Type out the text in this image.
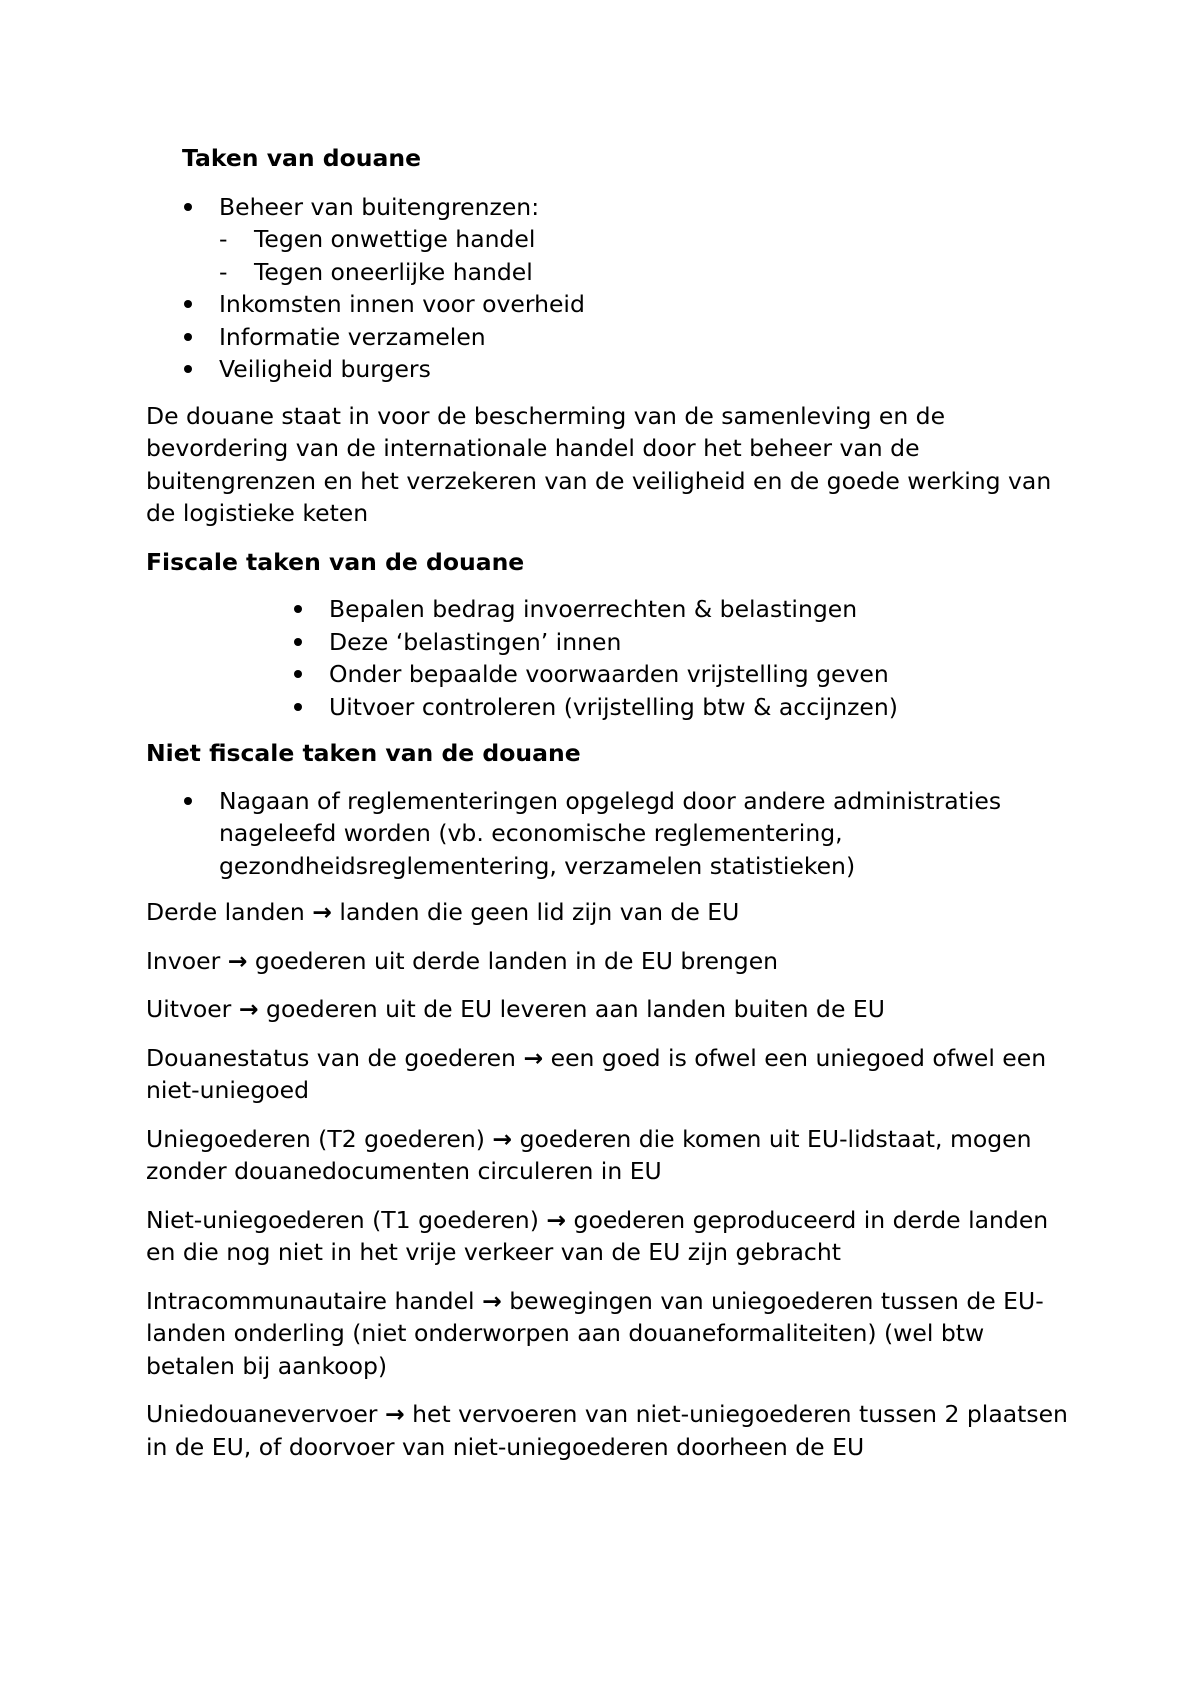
Taken van douane

Beheer van buitengrenzen:
- Tegen onwettige handel
- Tegen oneerlijke handel
Inkomsten innen voor overheid
Informatie verzamelen
Veiligheid burgers

De douane staat in voor de bescherming van de samenleving en de bevordering van de internationale handel door het beheer van de buitengrenzen en het verzekeren van de veiligheid en de goede werking van de logistieke keten

Fiscale taken van de douane

Bepalen bedrag invoerrechten & belastingen
Deze ‘belastingen’ innen
Onder bepaalde voorwaarden vrijstelling geven
Uitvoer controleren (vrijstelling btw & accijnzen)

Niet fiscale taken van de douane

Nagaan of reglementeringen opgelegd door andere administraties nageleefd worden (vb. economische reglementering, gezondheidsreglementering, verzamelen statistieken)

Derde landen → landen die geen lid zijn van de EU

Invoer → goederen uit derde landen in de EU brengen

Uitvoer → goederen uit de EU leveren aan landen buiten de EU

Douanestatus van de goederen → een goed is ofwel een uniegoed ofwel een niet-uniegoed

Uniegoederen (T2 goederen) → goederen die komen uit EU-lidstaat, mogen zonder douanedocumenten circuleren in EU

Niet-uniegoederen (T1 goederen) → goederen geproduceerd in derde landen en die nog niet in het vrije verkeer van de EU zijn gebracht

Intracommunautaire handel → bewegingen van uniegoederen tussen de EU-landen onderling (niet onderworpen aan douaneformaliteiten) (wel btw betalen bij aankoop)

Uniedouanevervoer → het vervoeren van niet-uniegoederen tussen 2 plaatsen in de EU, of doorvoer van niet-uniegoederen doorheen de EU
